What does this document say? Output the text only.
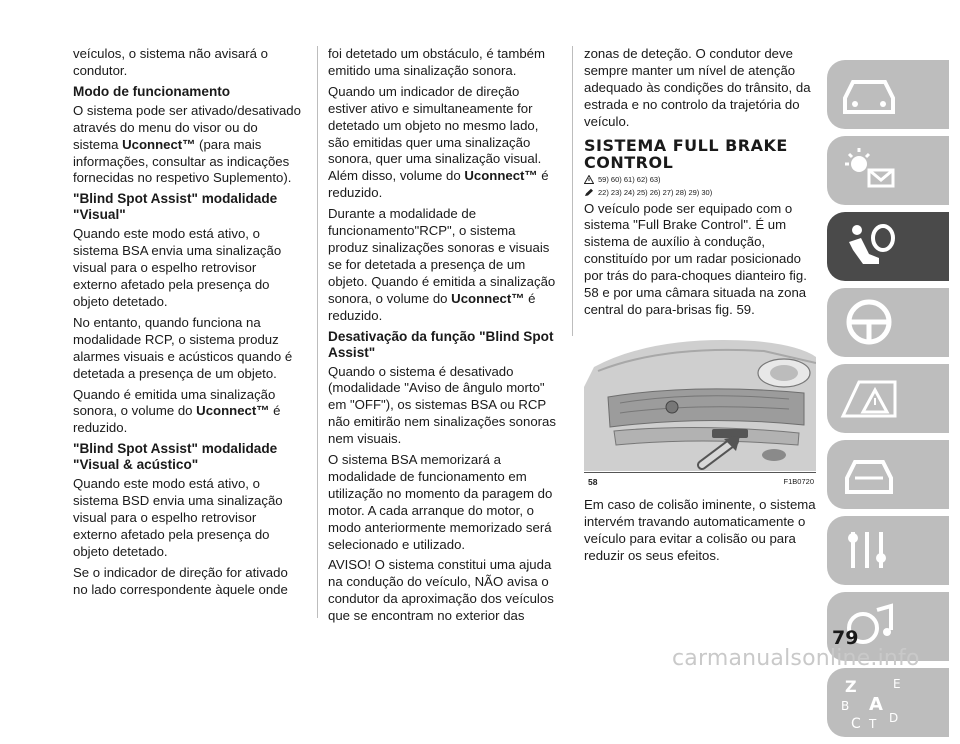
veículos, o sistema não avisará o condutor.

Modo de funcionamento

O sistema pode ser ativado/desativado através do menu do visor ou do sistema Uconnect™ (para mais informações, consultar as indicações fornecidas no respetivo Suplemento).

"Blind Spot Assist" modalidade "Visual"

Quando este modo está ativo, o sistema BSA envia uma sinalização visual para o espelho retrovisor externo afetado pela presença do objeto detetado.

No entanto, quando funciona na modalidade RCP, o sistema produz alarmes visuais e acústicos quando é detetada a presença de um objeto.

Quando é emitida uma sinalização sonora, o volume do Uconnect™ é reduzido.

"Blind Spot Assist" modalidade "Visual & acústico"

Quando este modo está ativo, o sistema BSD envia uma sinalização visual para o espelho retrovisor externo afetado pela presença do objeto detetado.

Se o indicador de direção for ativado no lado correspondente àquele onde

foi detetado um obstáculo, é também emitido uma sinalização sonora.

Quando um indicador de direção estiver ativo e simultaneamente for detetado um objeto no mesmo lado, são emitidas quer uma sinalização sonora, quer uma sinalização visual. Além disso, volume do Uconnect™ é reduzido.

Durante a modalidade de funcionamento"RCP", o sistema produz sinalizações sonoras e visuais se for detetada a presença de um objeto. Quando é emitida a sinalização sonora, o volume do Uconnect™ é reduzido.

Desativação da função "Blind Spot Assist"

Quando o sistema é desativado (modalidade "Aviso de ângulo morto" em "OFF"), os sistemas BSA ou RCP não emitirão nem sinalizações sonoras nem visuais.

O sistema BSA memorizará a modalidade de funcionamento em utilização no momento da paragem do motor. A cada arranque do motor, o modo anteriormente memorizado será selecionado e utilizado.

AVISO! O sistema constitui uma ajuda na condução do veículo, NÃO avisa o condutor da aproximação dos veículos que se encontram no exterior das

zonas de deteção. O condutor deve sempre manter um nível de atenção adequado às condições do trânsito, da estrada e no controlo da trajetória do veículo.

SISTEMA FULL BRAKE
CONTROL
59) 60) 61) 62) 63)
22) 23) 24) 25) 26) 27) 28) 29) 30)

O veículo pode ser equipado com o sistema "Full Brake Control". É um sistema de auxílio à condução, constituído por um radar posicionado por trás do para-choques dianteiro fig. 58 e por uma câmara situada na zona central do para-brisas fig. 59.

58	F1B0720

Em caso de colisão iminente, o sistema intervém travando automaticamente o veículo para evitar a colisão ou para reduzir os seus efeitos.

Z	E
B A
C T D
79
carmanualsonline.info
